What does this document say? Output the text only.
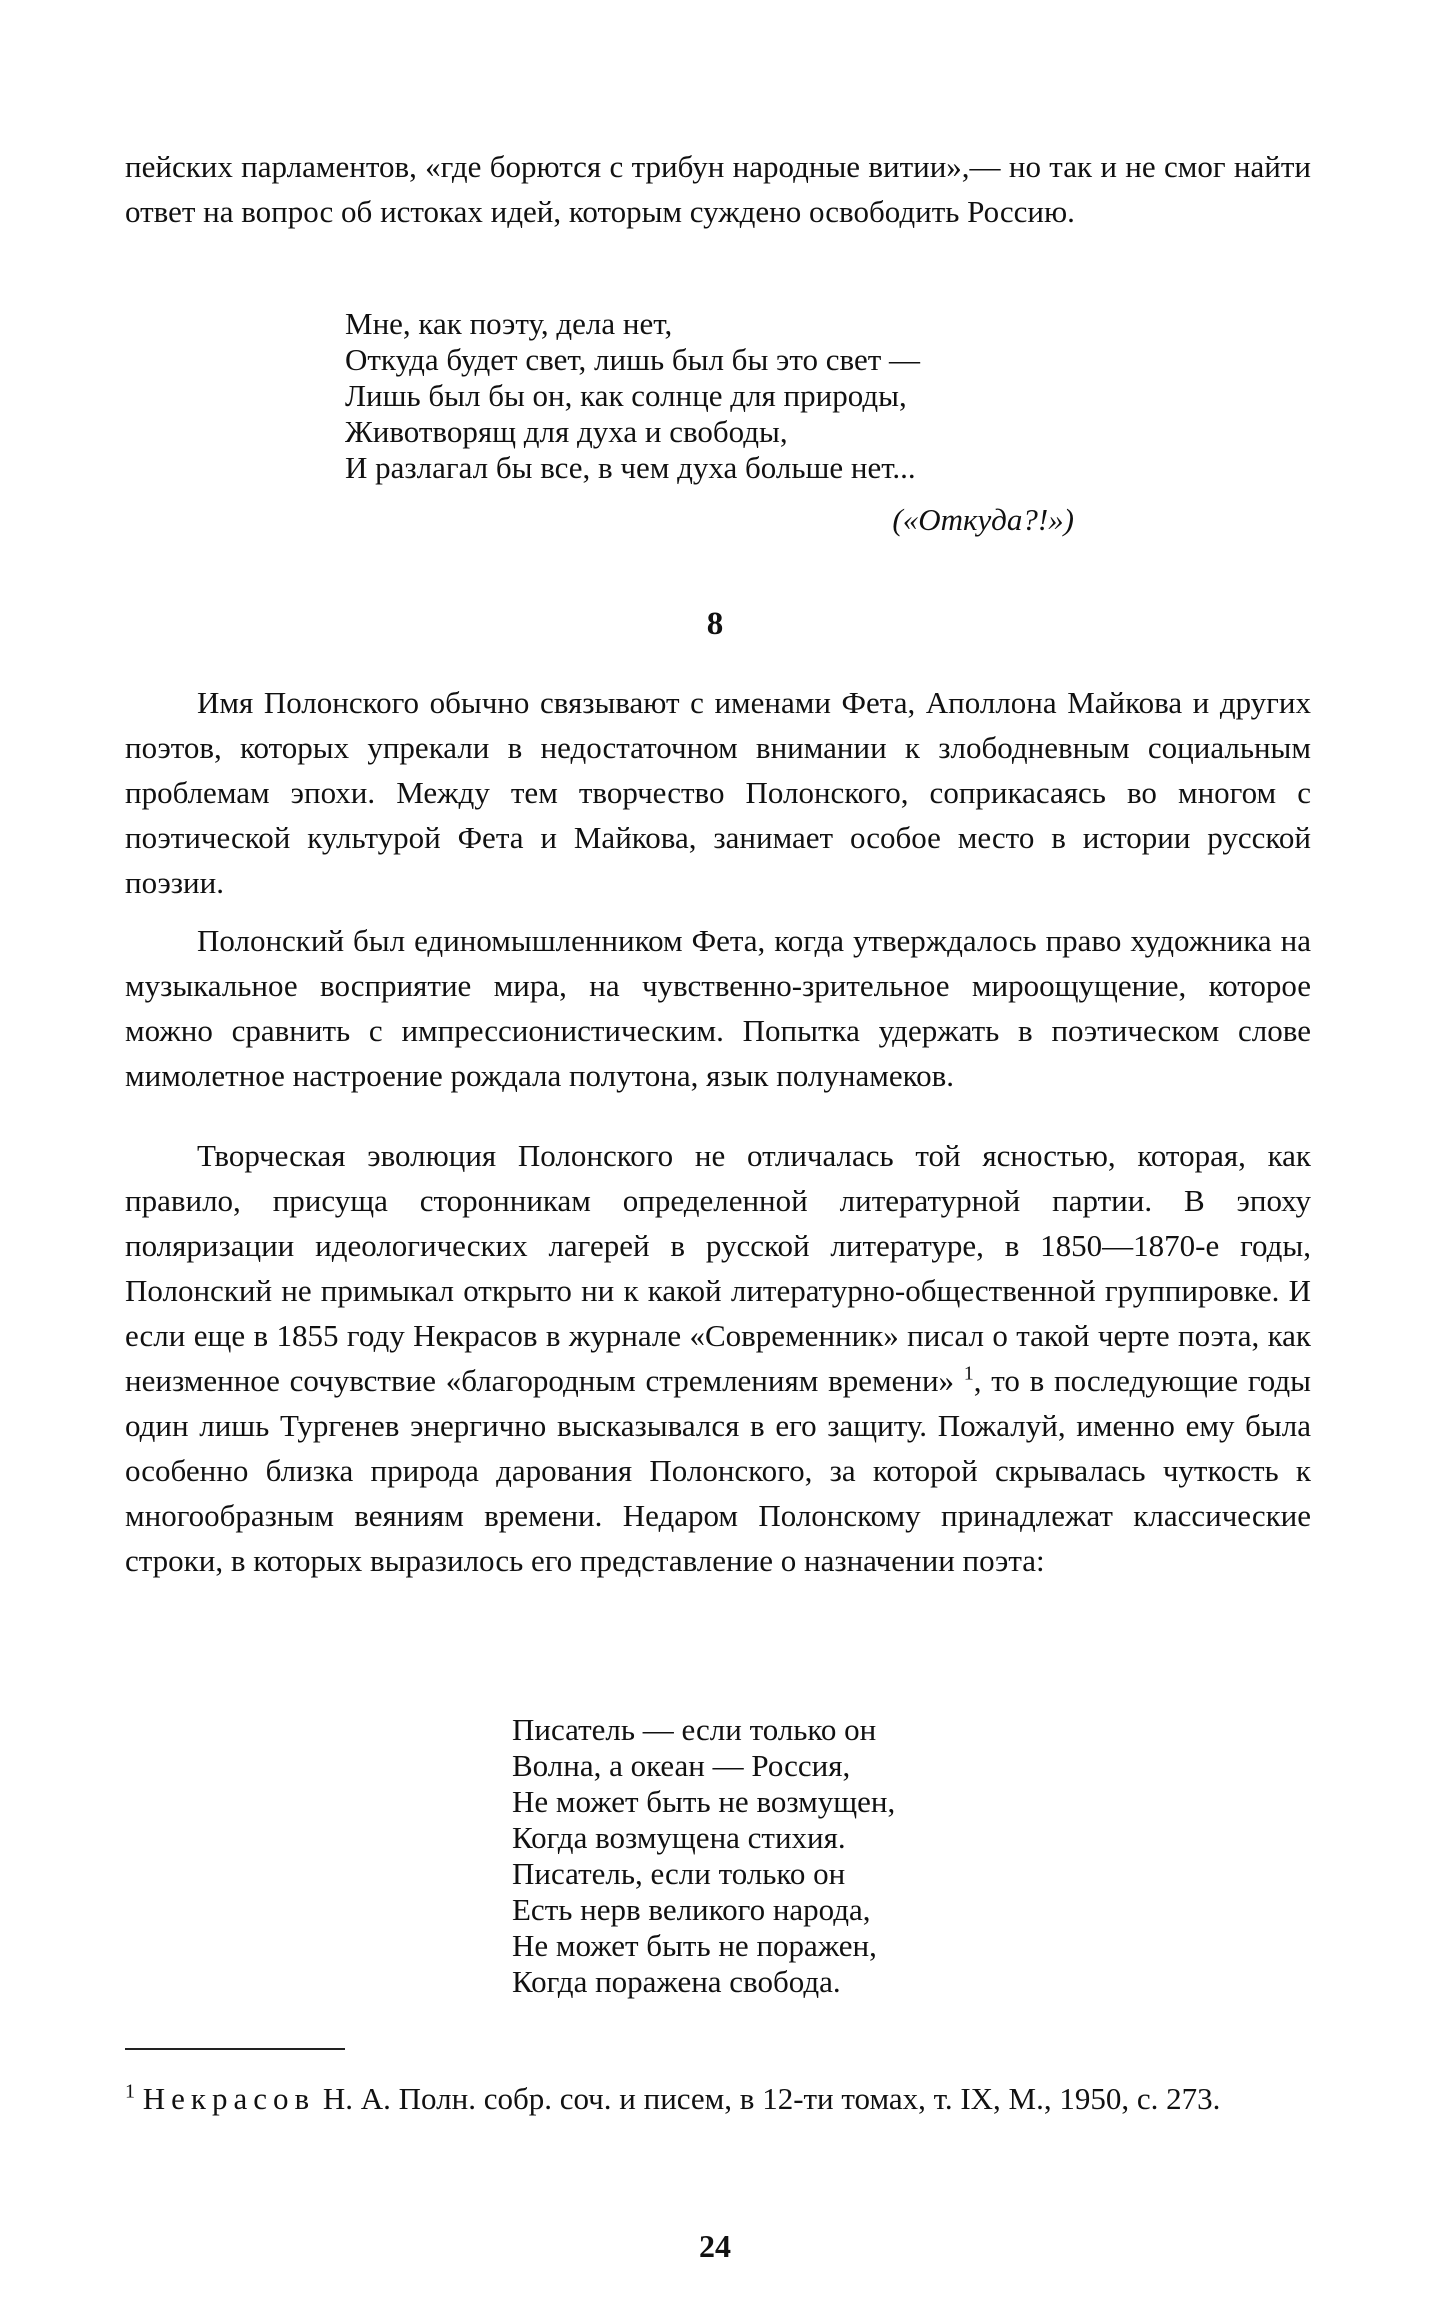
пейских парламентов, «где борются с трибун народные витии»,— но так и не смог найти ответ на вопрос об истоках идей, которым суждено освободить Россию.

Мне, как поэту, дела нет,
Откуда будет свет, лишь был бы это свет —
Лишь был бы он, как солнце для природы,
Животворящ для духа и свободы,
И разлагал бы все, в чем духа больше нет...
(«Откуда?!»)
8

Имя Полонского обычно связывают с именами Фета, Аполлона Майкова и других поэтов, которых упрекали в недостаточном внимании к злободневным социальным проблемам эпохи. Между тем творчество Полонского, соприкасаясь во многом с поэтической культурой Фета и Майкова, занимает особое место в истории русской поэзии.

Полонский был единомышленником Фета, когда утверждалось право художника на музыкальное восприятие мира, на чувственно-зрительное мироощущение, которое можно сравнить с импрессионистическим. Попытка удержать в поэтическом слове мимолетное настроение рождала полутона, язык полунамеков.

Творческая эволюция Полонского не отличалась той ясностью, которая, как правило, присуща сторонникам определенной литературной партии. В эпоху поляризации идеологических лагерей в русской литературе, в 1850—1870-е годы, Полонский не примыкал открыто ни к какой литературно-общественной группировке. И если еще в 1855 году Некрасов в журнале «Современник» писал о такой черте поэта, как неизменное сочувствие «благородным стремлениям времени» $^1$, то в последующие годы один лишь Тургенев энергично высказывался в его защиту. Пожалуй, именно ему была особенно близка природа дарования Полонского, за которой скрывалась чуткость к многообразным веяниям времени. Недаром Полонскому принадлежат классические строки, в которых выразилось его представление о назначении поэта:

Писатель — если только он
Волна, а океан — Россия,
Не может быть не возмущен,
Когда возмущена стихия.
Писатель, если только он
Есть нерв великого народа,
Не может быть не поражен,
Когда поражена свобода.

$^1$ Некрасов Н. А. Полн. собр. соч. и писем, в 12-ти томах, т. IX, М., 1950, с. 273.

24
